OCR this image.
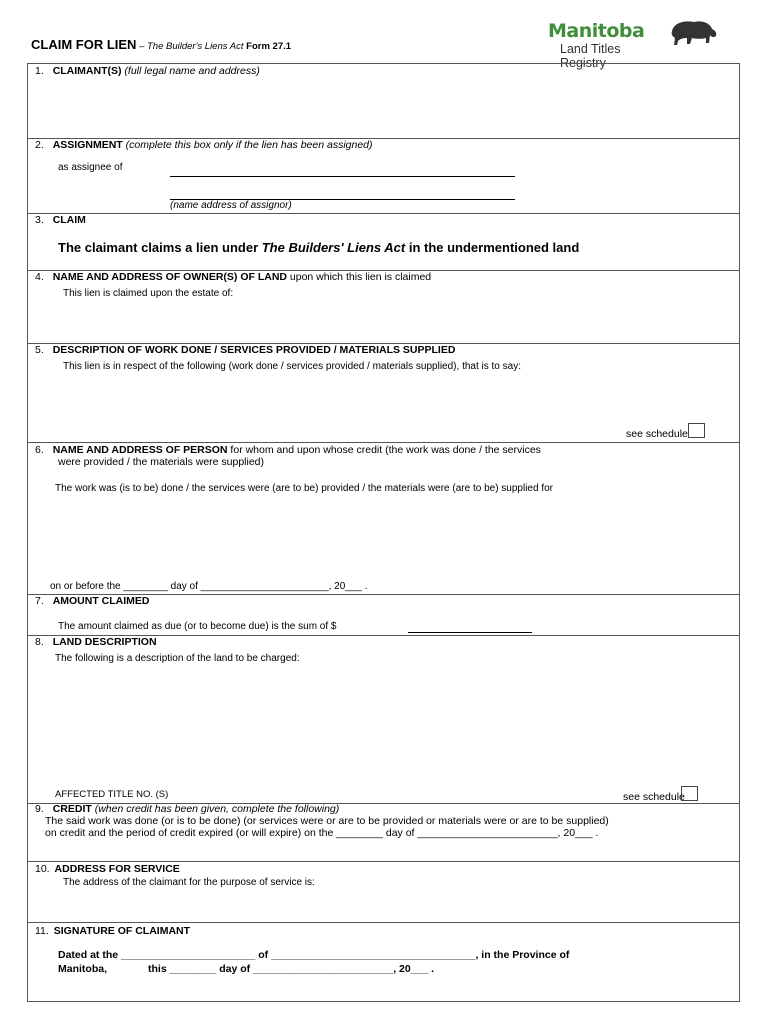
CLAIM FOR LIEN – The Builder's Liens Act Form 27.1
Manitoba
Land Titles
Registry
1. CLAIMANT(S) (full legal name and address)
2. ASSIGNMENT (complete this box only if the lien has been assigned)
as assignee of
(name address of assignor)
3. CLAIM
The claimant claims a lien under The Builders' Liens Act in the undermentioned land
4. NAME AND ADDRESS OF OWNER(S) OF LAND upon which this lien is claimed
This lien is claimed upon the estate of:
5. DESCRIPTION OF WORK DONE / SERVICES PROVIDED / MATERIALS SUPPLIED
This lien is in respect of the following (work done / services provided / materials supplied), that is to say:
see schedule
6. NAME AND ADDRESS OF PERSON for whom and upon whose credit (the work was done / the services
were provided / the materials were supplied)
The work was (is to be) done / the services were (are to be) provided / the materials were (are to be) supplied for
on or before the ________ day of _______________________, 20___ .
7. AMOUNT CLAIMED
The amount claimed as due (or to become due) is the sum of $
8. LAND DESCRIPTION
The following is a description of the land to be charged:
AFFECTED TITLE NO. (S)	see schedule
9. CREDIT (when credit has been given, complete the following)
The said work was done (or is to be done) (or services were or are to be provided or materials were or are to be supplied)
on credit and the period of credit expired (or will expire) on the ________ day of ________________________, 20___ .
10. ADDRESS FOR SERVICE
The address of the claimant for the purpose of service is:
11. SIGNATURE OF CLAIMANT
Dated at the _______________________ of ___________________________________, in the Province of
Manitoba,	this ________ day of ________________________, 20___ .
